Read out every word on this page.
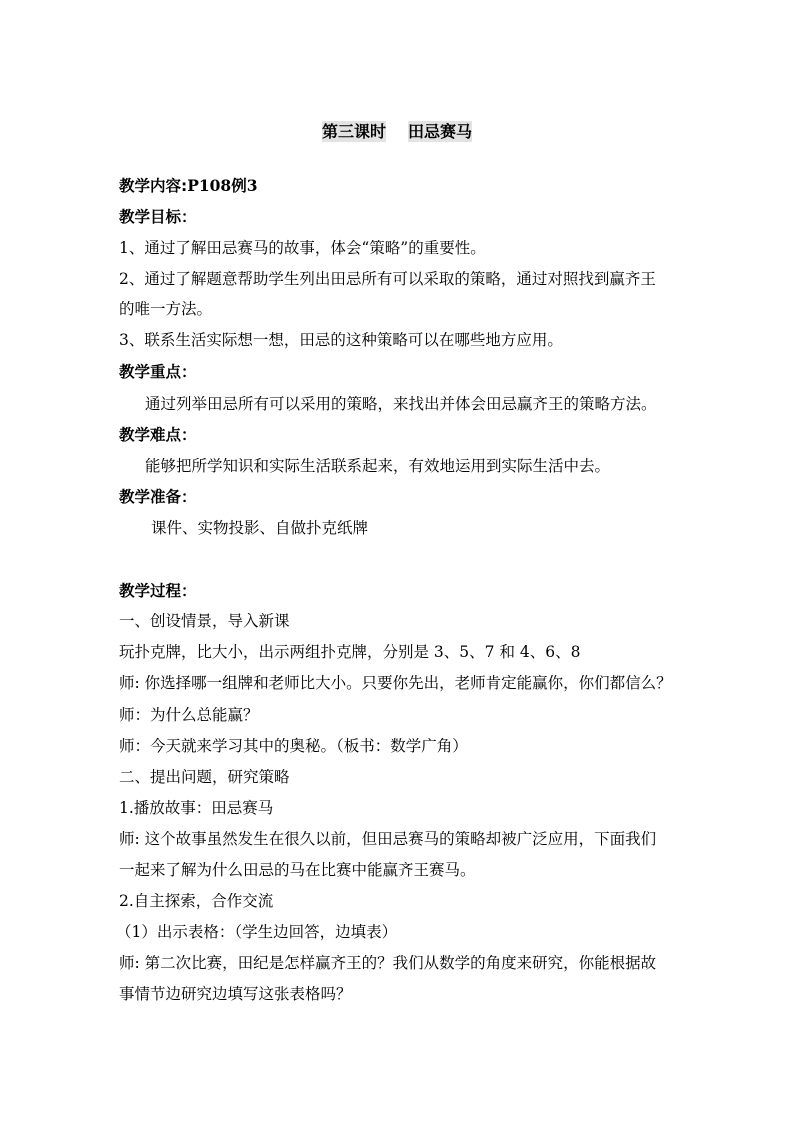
第三课时 田忌赛马
教学内容:P108例3
教学目标：
1、通过了解田忌赛马的故事，体会“策略”的重要性。
2、通过了解题意帮助学生列出田忌所有可以采取的策略，通过对照找到赢齐王
的唯一方法。
3、联系生活实际想一想，田忌的这种策略可以在哪些地方应用。
教学重点：
通过列举田忌所有可以采用的策略，来找出并体会田忌赢齐王的策略方法。
教学难点：
能够把所学知识和实际生活联系起来，有效地运用到实际生活中去。
教学准备：
课件、实物投影、自做扑克纸牌
教学过程：
一、创设情景，导入新课
玩扑克牌，比大小，出示两组扑克牌，分别是 3、5、7 和 4、6、8
师: 你选择哪一组牌和老师比大小。只要你先出，老师肯定能赢你，你们都信么？
师：为什么总能赢？
师：今天就来学习其中的奥秘。（板书：数学广角）
二、提出问题，研究策略
1.播放故事：田忌赛马
师: 这个故事虽然发生在很久以前，但田忌赛马的策略却被广泛应用，下面我们
一起来了解为什么田忌的马在比赛中能赢齐王赛马。
2.自主探索，合作交流
（1）出示表格：（学生边回答，边填表）
师: 第二次比赛，田纪是怎样赢齐王的？我们从数学的角度来研究，你能根据故
事情节边研究边填写这张表格吗？
